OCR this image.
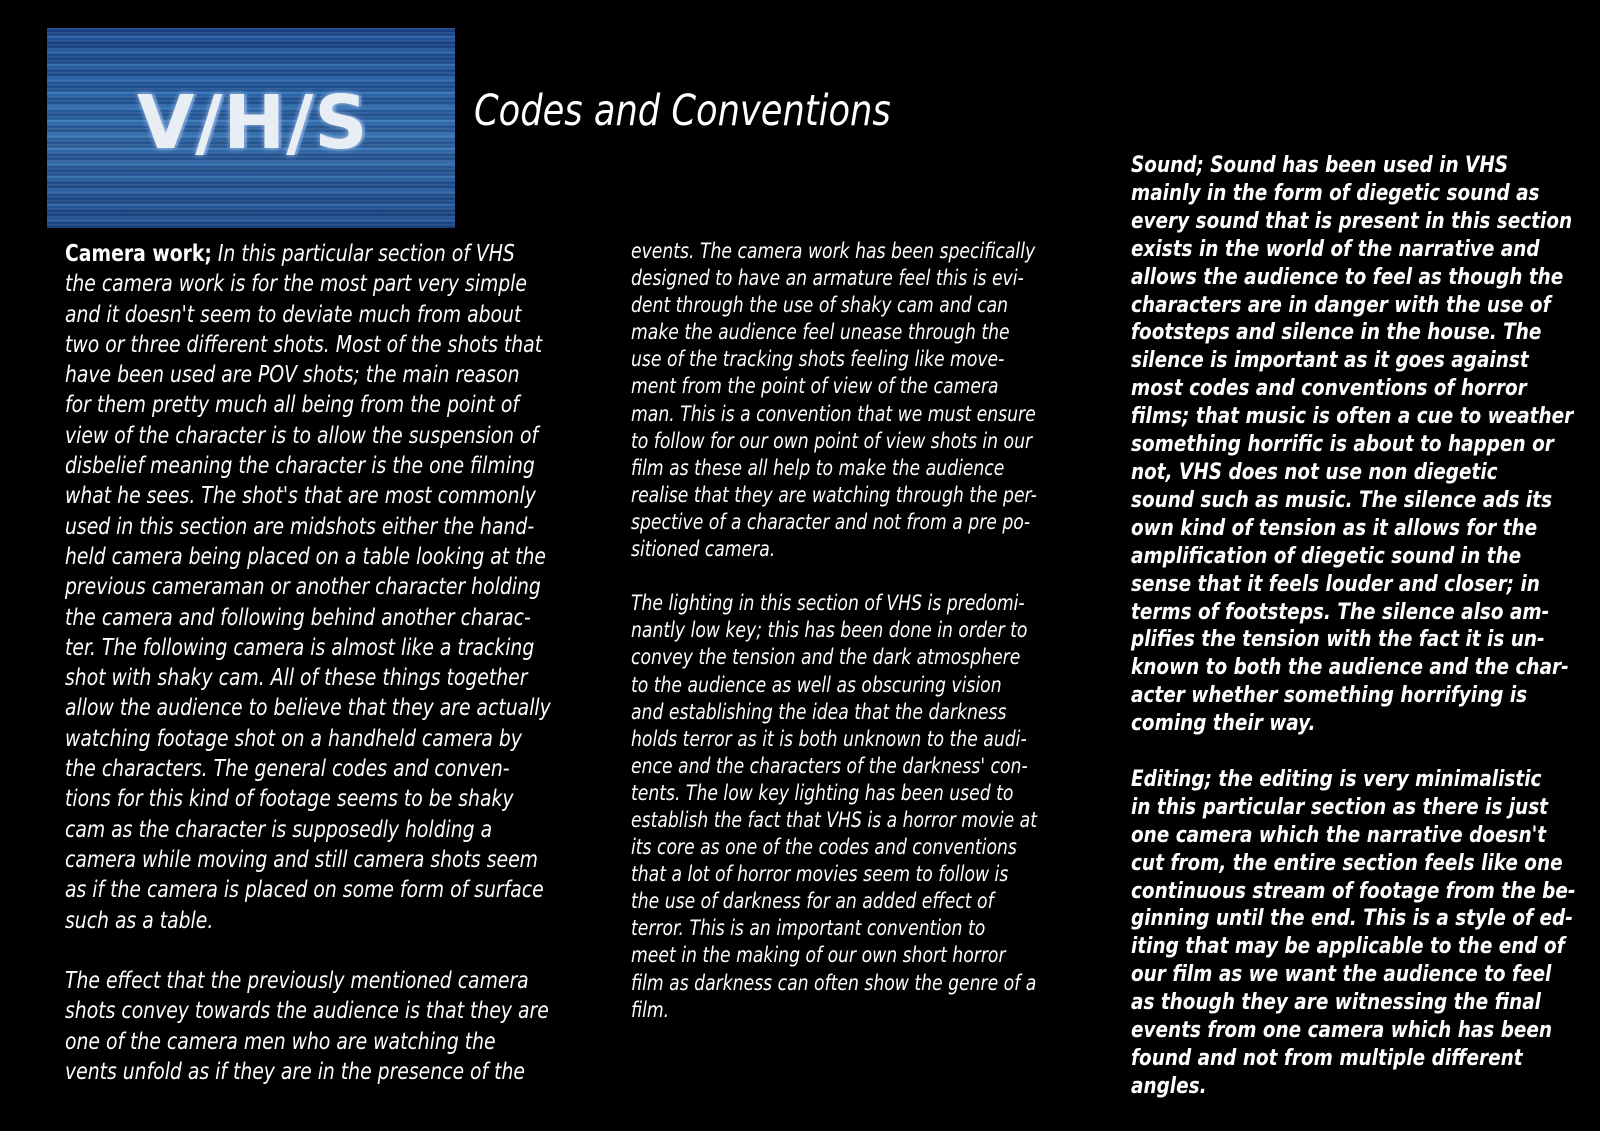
V/H/S Codes and Conventions

Camera work; In this particular section of VHS

the camera work is for the most part very simple

and it doesn't seem to deviate much from about

two or three different shots. Most of the shots that

have been used are POV shots; the main reason

for them pretty much all being from the point of

view of the character is to allow the suspension of

disbelief meaning the character is the one filming

what he sees. The shot's that are most commonly

used in this section are midshots either the hand-

held camera being placed on a table looking at the

previous cameraman or another character holding

the camera and following behind another charac-

ter. The following camera is almost like a tracking

shot with shaky cam. All of these things together

allow the audience to believe that they are actually

watching footage shot on a handheld camera by

the characters. The general codes and conven-

tions for this kind of footage seems to be shaky

cam as the character is supposedly holding a

camera while moving and still camera shots seem

as if the camera is placed on some form of surface

such as a table.

The effect that the previously mentioned camera

shots convey towards the audience is that they are

one of the camera men who are watching the

vents unfold as if they are in the presence of the

events. The camera work has been specifically

designed to have an armature feel this is evi-

dent through the use of shaky cam and can

make the audience feel unease through the

use of the tracking shots feeling like move-

ment from the point of view of the camera

man. This is a convention that we must ensure

to follow for our own point of view shots in our

film as these all help to make the audience

realise that they are watching through the per-

spective of a character and not from a pre po-

sitioned camera.

The lighting in this section of VHS is predomi-

nantly low key; this has been done in order to

convey the tension and the dark atmosphere

to the audience as well as obscuring vision

and establishing the idea that the darkness

holds terror as it is both unknown to the audi-

ence and the characters of the darkness' con-

tents. The low key lighting has been used to

establish the fact that VHS is a horror movie at

its core as one of the codes and conventions

that a lot of horror movies seem to follow is

the use of darkness for an added effect of

terror. This is an important convention to

meet in the making of our own short horror

film as darkness can often show the genre of a

film.

Sound; Sound has been used in VHS

mainly in the form of diegetic sound as

every sound that is present in this section

exists in the world of the narrative and

allows the audience to feel as though the

characters are in danger with the use of

footsteps and silence in the house. The

silence is important as it goes against

most codes and conventions of horror

films; that music is often a cue to weather

something horrific is about to happen or

not, VHS does not use non diegetic

sound such as music. The silence ads its

own kind of tension as it allows for the

amplification of diegetic sound in the

sense that it feels louder and closer; in

terms of footsteps. The silence also am-

plifies the tension with the fact it is un-

known to both the audience and the char-

acter whether something horrifying is

coming their way.

Editing; the editing is very minimalistic

in this particular section as there is just

one camera which the narrative doesn't

cut from, the entire section feels like one

continuous stream of footage from the be-

ginning until the end. This is a style of ed-

iting that may be applicable to the end of

our film as we want the audience to feel

as though they are witnessing the final

events from one camera which has been

found and not from multiple different

angles.
